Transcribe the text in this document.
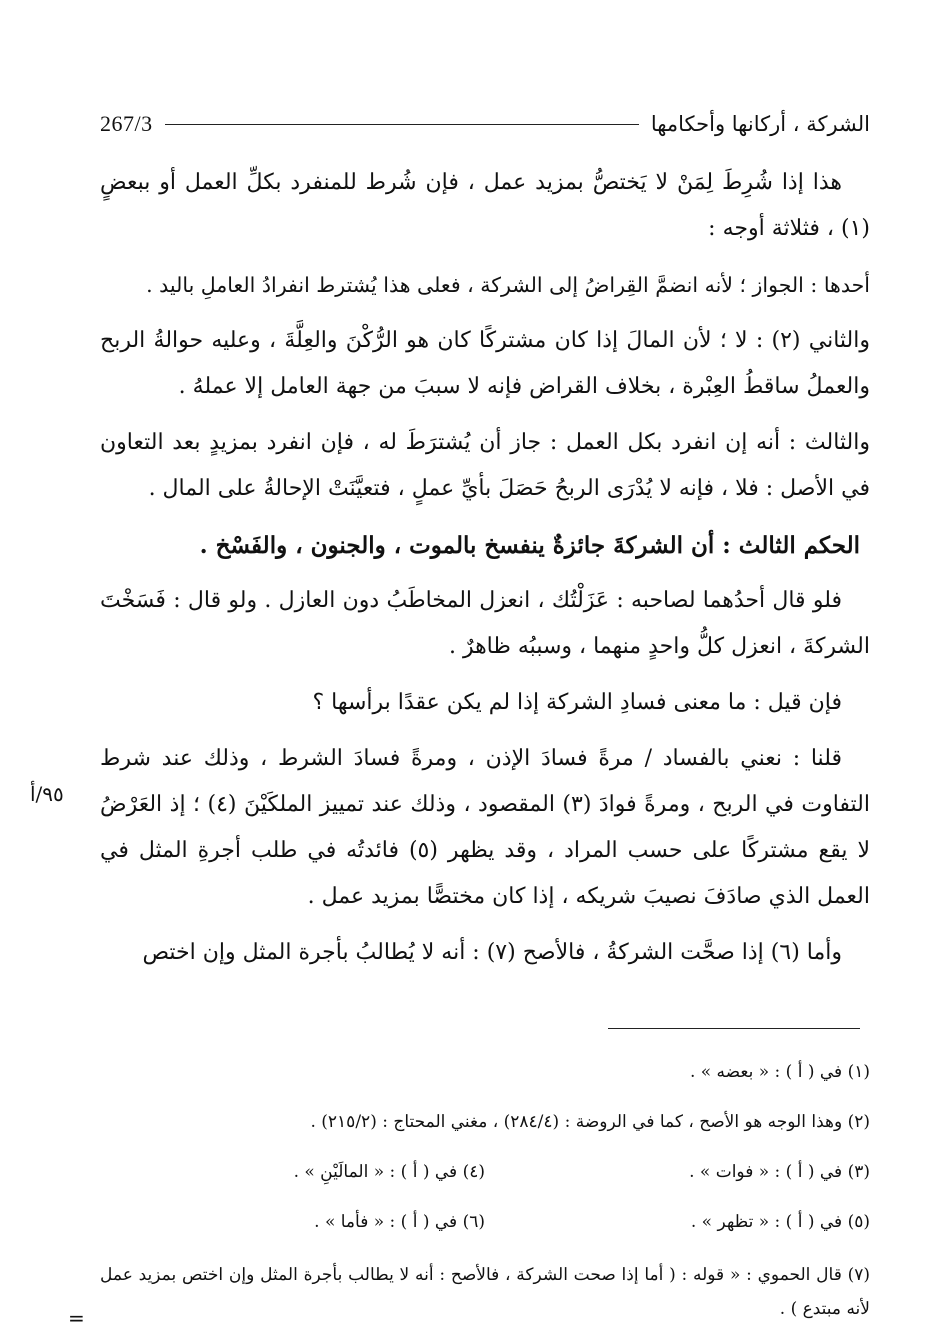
267/3	الشركة ، أركانها وأحكامها

هذا إذا شُرِطَ لِمَنْ لا يَختصُّ بمزيد عمل ، فإن شُرط للمنفرد بكلِّ العمل أو ببعضٍ (١) ، فثلاثة أوجه :

أحدها : الجواز ؛ لأنه انضمَّ القِراضُ إلى الشركة ، فعلى هذا يُشترط انفرادُ العاملِ باليد .

والثاني (٢) : لا ؛ لأن المالَ إذا كان مشتركًا كان هو الرُّكْنَ والعِلَّةَ ، وعليه حوالةُ الربح والعملُ ساقطُ العِبْرة ، بخلاف القراض فإنه لا سببَ من جهة العامل إلا عملهُ .

والثالث : أنه إن انفرد بكل العمل : جاز أن يُشترَطَ له ، فإن انفرد بمزيدٍ بعد التعاون في الأصل : فلا ، فإنه لا يُدْرَى الربحُ حَصَلَ بأيِّ عملٍ ، فتعيَّنَتْ الإحالةُ على المال .

الحكم الثالث : أن الشركةَ جائزةٌ ينفسخ بالموت ، والجنون ، والفَسْخ .

فلو قال أحدُهما لصاحبه : عَزَلْتُك ، انعزل المخاطَبُ دون العازل . ولو قال : فَسَخْتَ الشركةَ ، انعزل كلُّ واحدٍ منهما ، وسببُه ظاهرٌ .

فإن قيل : ما معنى فسادِ الشركة إذا لم يكن عقدًا برأسها ؟

قلنا : نعني بالفساد / مرةً فسادَ الإذن ، ومرةً فسادَ الشرط ، وذلك عند شرط التفاوت في الربح ، ومرةً فوادَ (٣) المقصود ، وذلك عند تمييز الملكَيْنَ (٤) ؛ إذ العَرْضُ لا يقع مشتركًا على حسب المراد ، وقد يظهر (٥) فائدتُه في طلب أجرةِ المثل في العمل الذي صادَفَ نصيبَ شريكه ، إذا كان مختصًّا بمزيد عمل .

وأما (٦) إذا صحَّت الشركةُ ، فالأصح (٧) : أنه لا يُطالبُ بأجرة المثل وإن اختص

٩٥/أ
(١) في ( أ ) : « بعضه » .
(٢) وهذا الوجه هو الأصح ، كما في الروضة : (٢٨٤/٤) ، مغني المحتاج : (٢١٥/٢) .
(٣) في ( أ ) : « فوات » .
(٤) في ( أ ) : « المالَيْنِ » .
(٥) في ( أ ) : « تظهر » .
(٦) في ( أ ) : « فأما » .
(٧) قال الحموي : « قوله : ( أما إذا صحت الشركة ، فالأصح : أنه لا يطالب بأجرة المثل وإن اختص بمزيد عمل لأنه مبتدع ) .
=
